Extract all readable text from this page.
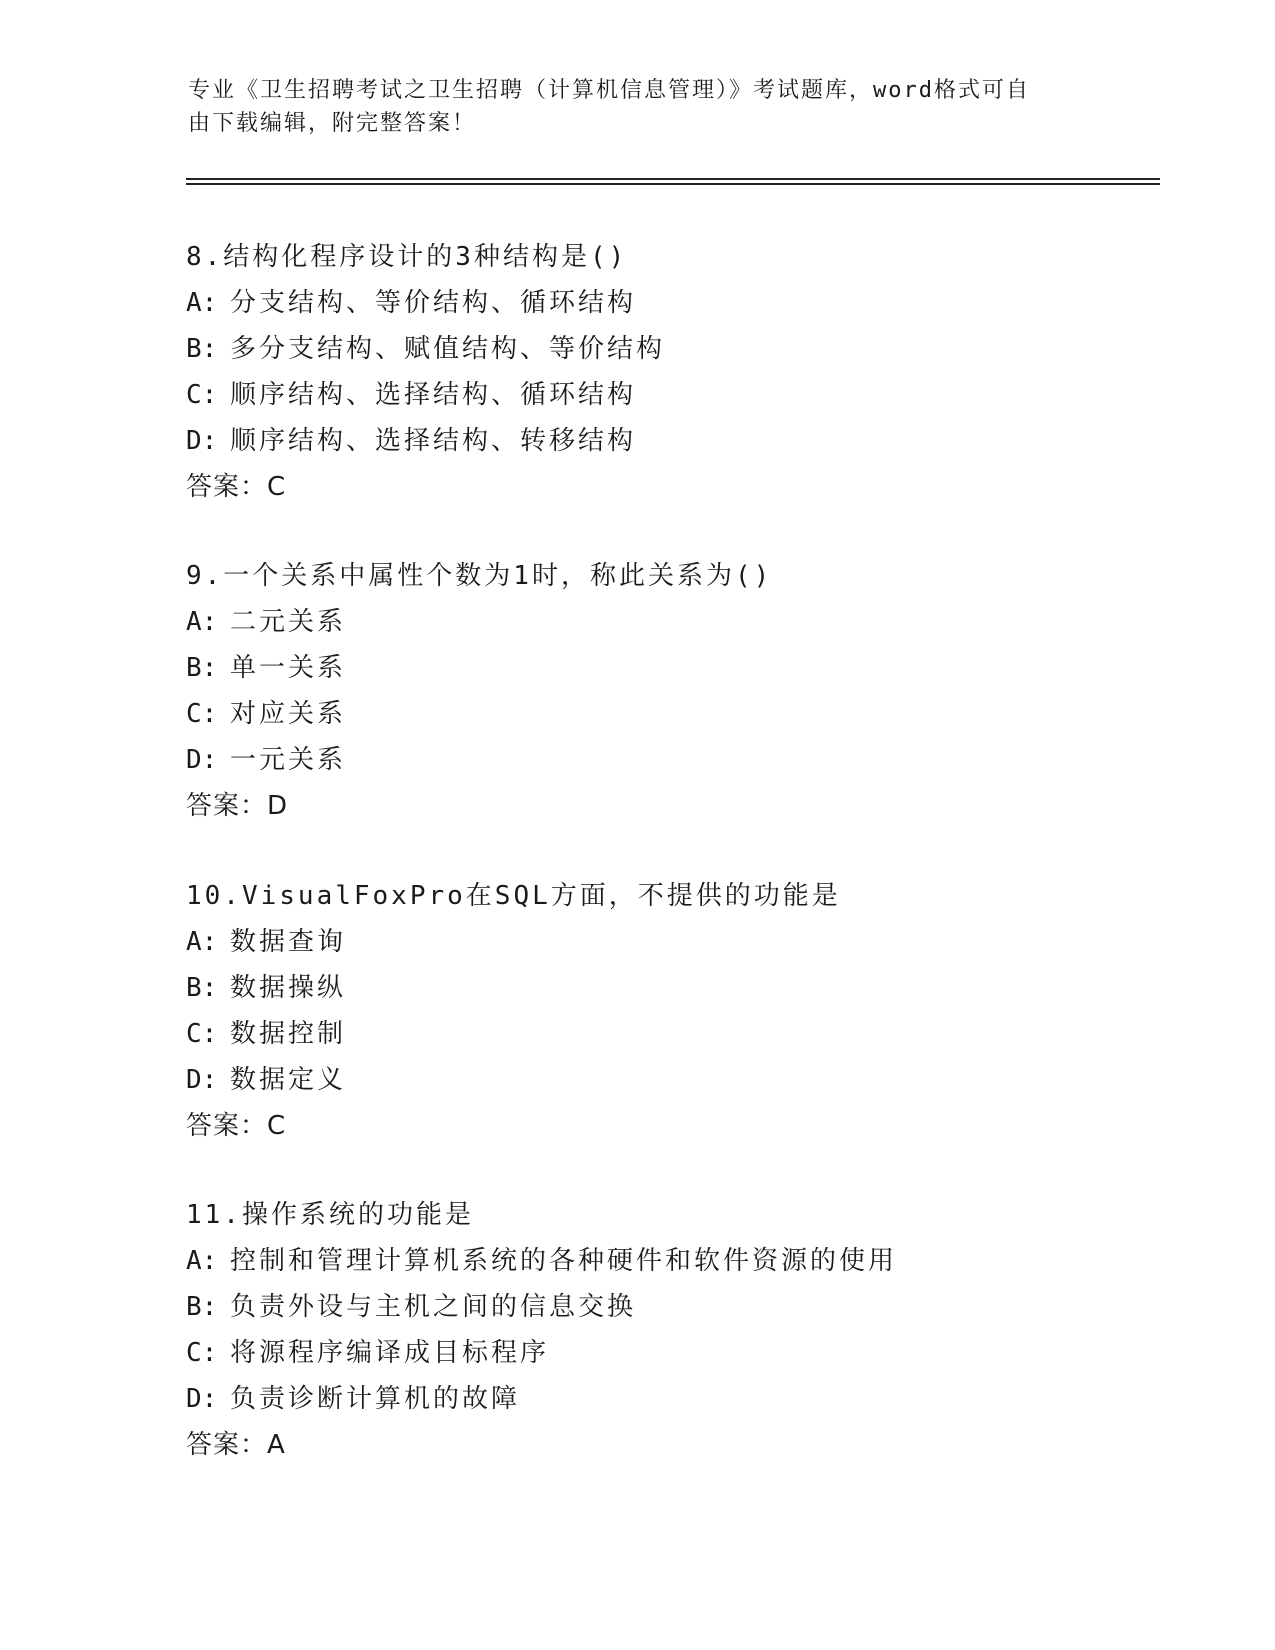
专业《卫生招聘考试之卫生招聘（计算机信息管理）》考试题库，word格式可自
由下载编辑，附完整答案！
8.结构化程序设计的3种结构是()
A: 分支结构、等价结构、循环结构
B: 多分支结构、赋值结构、等价结构
C: 顺序结构、选择结构、循环结构
D: 顺序结构、选择结构、转移结构
答案：C
9.一个关系中属性个数为1时，称此关系为()
A: 二元关系
B: 单一关系
C: 对应关系
D: 一元关系
答案：D
10.VisualFoxPro在SQL方面，不提供的功能是
A: 数据查询
B: 数据操纵
C: 数据控制
D: 数据定义
答案：C
11.操作系统的功能是
A: 控制和管理计算机系统的各种硬件和软件资源的使用
B: 负责外设与主机之间的信息交换
C: 将源程序编译成目标程序
D: 负责诊断计算机的故障
答案：A
